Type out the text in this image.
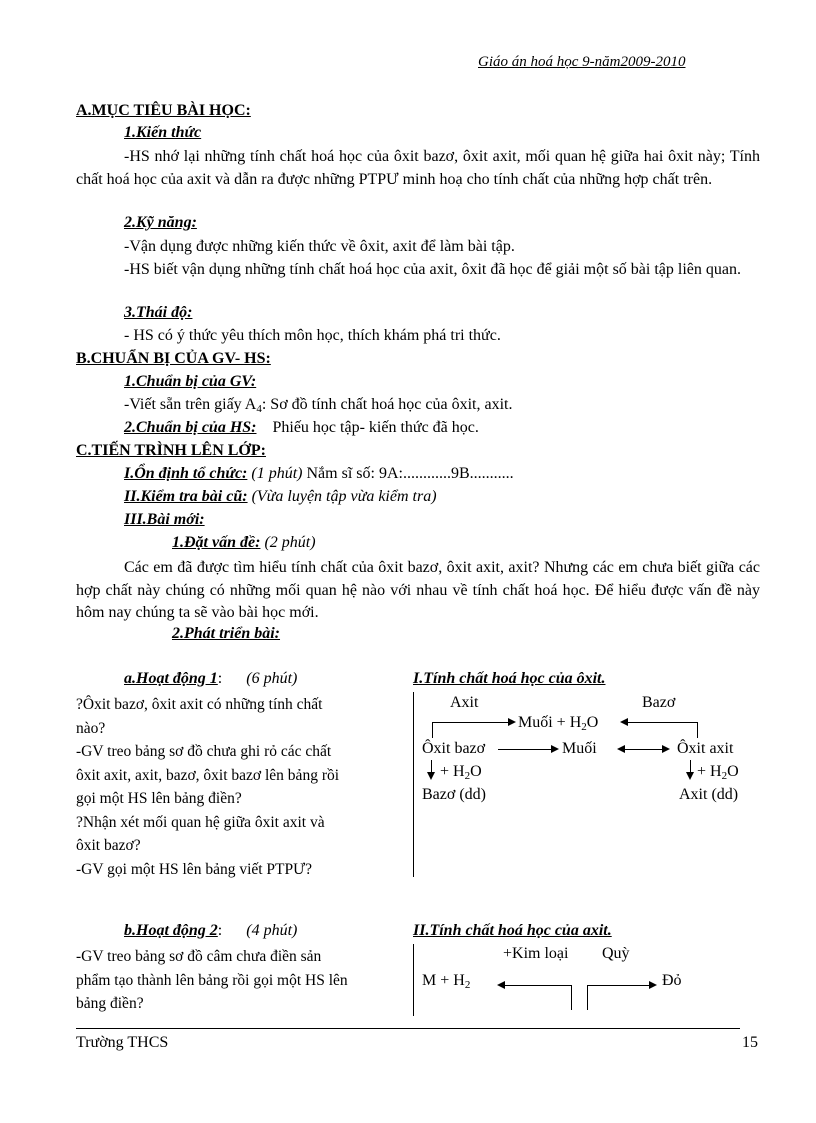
Giáo án hoá học 9-năm2009-2010
A.MỤC TIÊU BÀI HỌC:
1.Kiến thức
-HS nhớ lại những tính chất hoá học của ôxit bazơ, ôxit axit, mối quan hệ giữa hai ôxit này; Tính chất hoá học của axit và dẫn ra được những PTPƯ minh hoạ cho tính chất của những hợp chất trên.
2.Kỹ năng:
-Vận dụng được những kiến thức về ôxit, axit để làm bài tập.
-HS biết vận dụng những tính chất hoá học của axit, ôxit đã học để giải một số bài tập liên quan.
3.Thái độ:
- HS có ý thức yêu thích môn học, thích khám phá tri thức.
B.CHUẨN BỊ CỦA GV- HS:
1.Chuẩn bị của GV:
-Viết sẵn trên giấy $A_4$: Sơ đồ tính chất hoá học của ôxit, axit.
2.Chuẩn bị của HS: Phiếu học tập- kiến thức đã học.
C.TIẾN TRÌNH LÊN LỚP:
I.Ổn định tổ chức: (1 phút) Nắm sĩ số: 9A:............9B...........
II.Kiểm tra bài cũ: (Vừa luyện tập vừa kiểm tra)
III.Bài mới:
1.Đặt vấn đề: (2 phút)
Các em đã được tìm hiểu tính chất của ôxit bazơ, ôxit axit, axit? Nhưng các em chưa biết giữa các hợp chất này chúng có những mối quan hệ nào với nhau về tính chất hoá học. Để hiểu được vấn đề này hôm nay chúng ta sẽ vào bài học mới.
2.Phát triển bài:
a.Hoạt động 1: (6 phút)
?Ôxit bazơ, ôxit axit có những tính chất
nào?
-GV treo bảng sơ đồ chưa ghi rỏ các chất
ôxit axit, axit, bazơ, ôxit bazơ lên bảng rồi
gọi một HS lên bảng điền?
?Nhận xét mối quan hệ giữa ôxit axit và
ôxit bazơ?
-GV gọi một HS lên bảng viết PTPƯ?
I.Tính chất hoá học của ôxit.
Axit	Bazơ
Muối + $H_2O$
Ôxit bazơ	Muối	Ôxit axit
+ $H_2O$	+ $H_2O$
Bazơ (dd)	Axit (dd)
b.Hoạt động 2: (4 phút)
-GV treo bảng sơ đồ câm chưa điền sản
phẩm tạo thành lên bảng rồi gọi một HS lên
bảng điền?
II.Tính chất hoá học của axit.
+Kim loại Quỳ
$M + H_2$	Đỏ
Trường THCS	15
